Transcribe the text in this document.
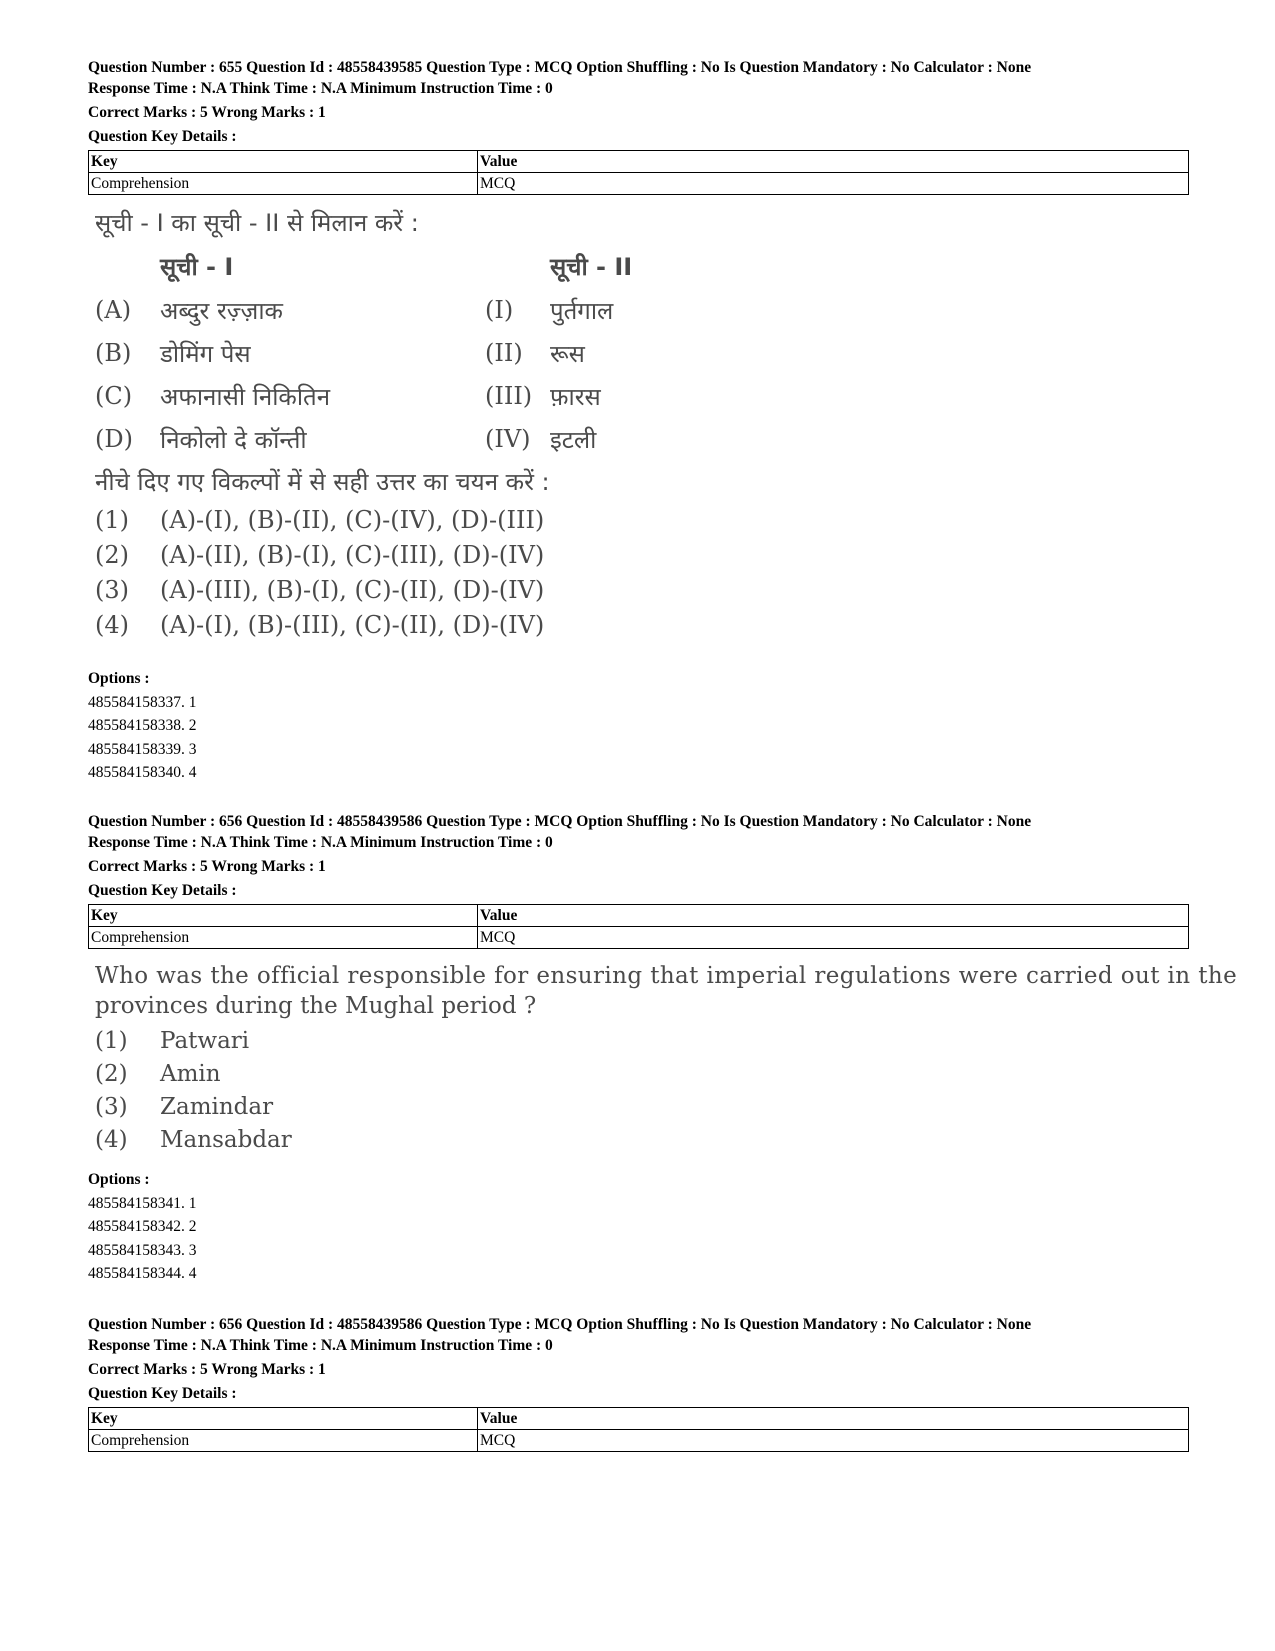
Question Number : 655 Question Id : 48558439585 Question Type : MCQ Option Shuffling : No Is Question Mandatory : No Calculator : None

Response Time : N.A Think Time : N.A Minimum Instruction Time : 0

Correct Marks : 5 Wrong Marks : 1

Question Key Details :

Key	Value
Comprehension	MCQ
सूची - I का सूची - II से मिलान करें :
सूची - I	सूची - II
(A) अब्दुर रज़्ज़ाक	(I) पुर्तगाल
(B) डोमिंग पेस	(II) रूस
(C) अफानासी निकितिन	(III) फ़ारस
(D) निकोलो दे कॉन्ती	(IV) इटली
नीचे दिए गए विकल्पों में से सही उत्तर का चयन करें :
(1) (A)-(I), (B)-(II), (C)-(IV), (D)-(III)
(2) (A)-(II), (B)-(I), (C)-(III), (D)-(IV)
(3) (A)-(III), (B)-(I), (C)-(II), (D)-(IV)
(4) (A)-(I), (B)-(III), (C)-(II), (D)-(IV)
Options :
485584158337. 1
485584158338. 2
485584158339. 3
485584158340. 4

Question Number : 656 Question Id : 48558439586 Question Type : MCQ Option Shuffling : No Is Question Mandatory : No Calculator : None

Response Time : N.A Think Time : N.A Minimum Instruction Time : 0

Correct Marks : 5 Wrong Marks : 1

Question Key Details :

Key	Value
Comprehension	MCQ
Who was the official responsible for ensuring that imperial regulations were carried out in the
provinces during the Mughal period ?
(1) Patwari
(2) Amin
(3) Zamindar
(4) Mansabdar
Options :
485584158341. 1
485584158342. 2
485584158343. 3
485584158344. 4

Question Number : 656 Question Id : 48558439586 Question Type : MCQ Option Shuffling : No Is Question Mandatory : No Calculator : None

Response Time : N.A Think Time : N.A Minimum Instruction Time : 0

Correct Marks : 5 Wrong Marks : 1

Question Key Details :

Key	Value
Comprehension	MCQ
